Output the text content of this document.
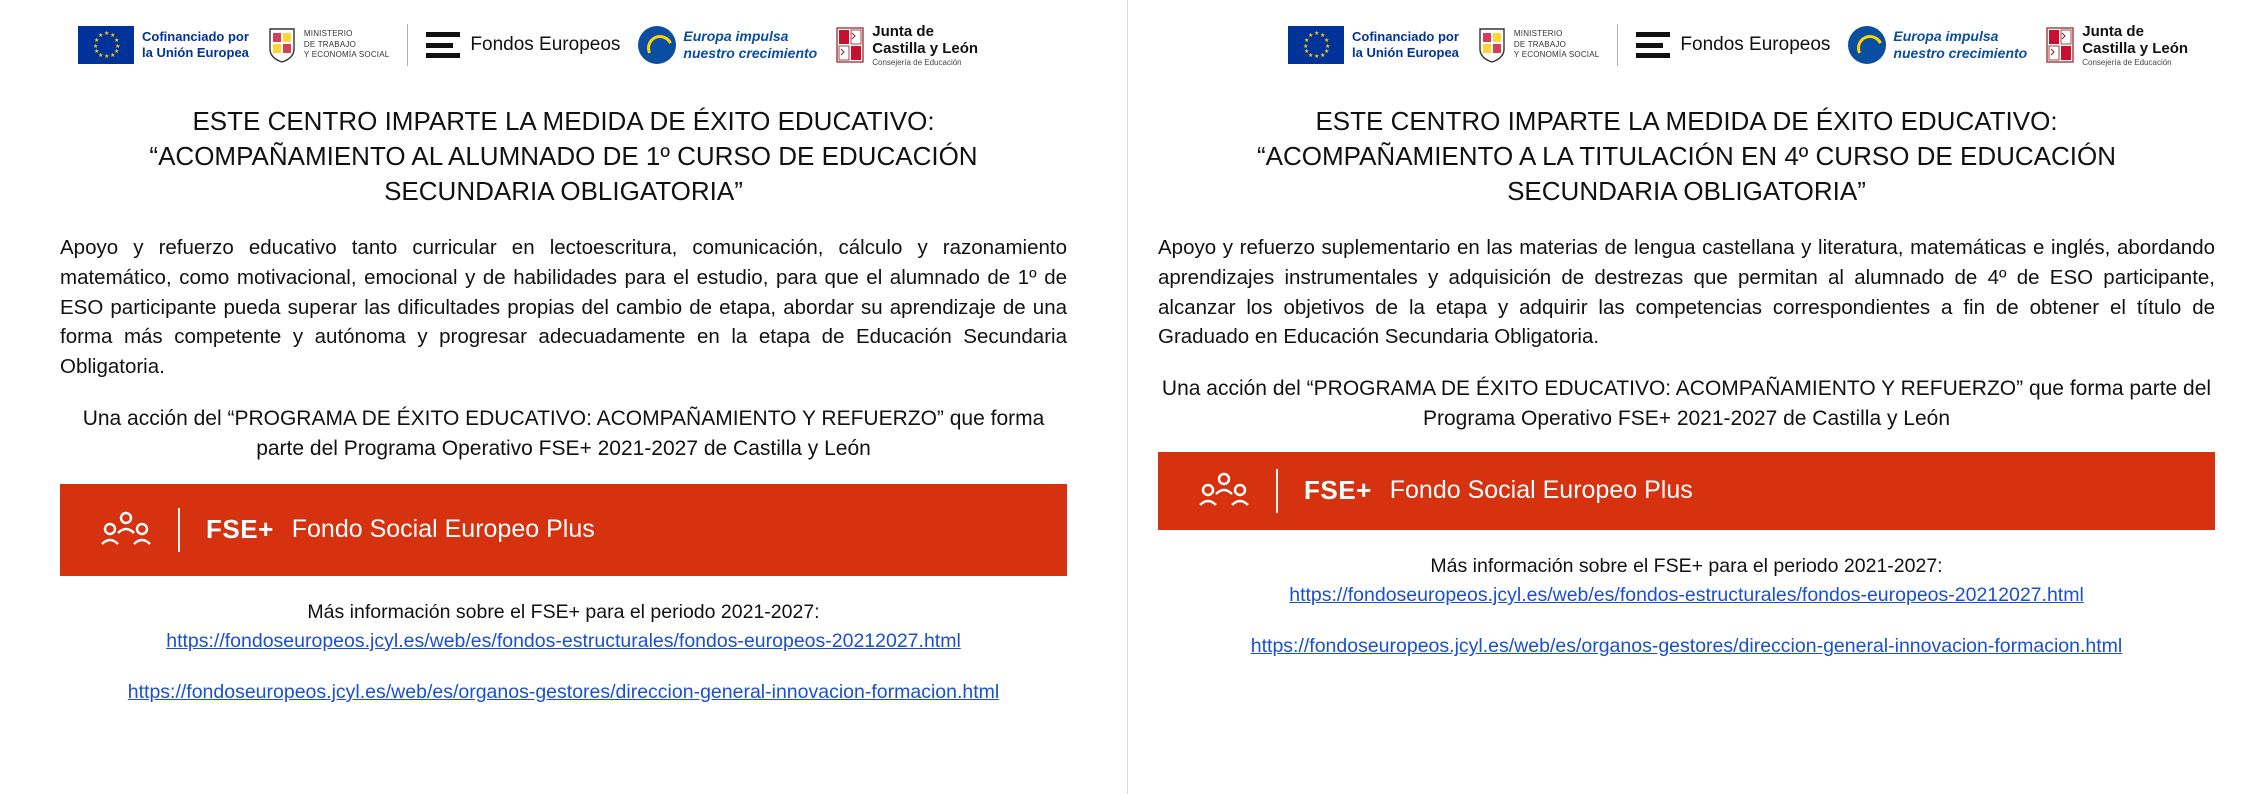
★ ★
★
★
★
★
★
★
★
★
★
★	Cofinanciado por
la Unión Europea
MINISTERIO
DE TRABAJO
Y ECONOMÍA SOCIAL	Fondos Europeos	Europa impulsa
nuestro crecimiento
Junta de
Castilla y León
Consejería de Educación
ESTE CENTRO IMPARTE LA MEDIDA DE ÉXITO EDUCATIVO:
“ACOMPAÑAMIENTO AL ALUMNADO DE 1º CURSO DE EDUCACIÓN
SECUNDARIA OBLIGATORIA”
Apoyo y refuerzo educativo tanto curricular en lectoescritura, comunicación, cálculo y razonamiento matemático, como motivacional, emocional y de habilidades para el estudio, para que el alumnado de 1º de ESO participante pueda superar las dificultades propias del cambio de etapa, abordar su aprendizaje de una forma más competente y autónoma y progresar adecuadamente en la etapa de Educación Secundaria Obligatoria.
Una acción del “PROGRAMA DE ÉXITO EDUCATIVO: ACOMPAÑAMIENTO Y REFUERZO” que forma parte del Programa Operativo FSE+ 2021-2027 de Castilla y León
FSE+ Fondo Social Europeo Plus
Más información sobre el FSE+ para el periodo 2021-2027:
https://fondoseuropeos.jcyl.es/web/es/fondos-estructurales/fondos-europeos-20212027.html
https://fondoseuropeos.jcyl.es/web/es/organos-gestores/direccion-general-innovacion-formacion.html
★ ★
★
★
★
★
★
★
★
★
★
★	Cofinanciado por
la Unión Europea
MINISTERIO
DE TRABAJO
Y ECONOMÍA SOCIAL	Fondos Europeos	Europa impulsa
nuestro crecimiento
Junta de
Castilla y León
Consejería de Educación
ESTE CENTRO IMPARTE LA MEDIDA DE ÉXITO EDUCATIVO:
“ACOMPAÑAMIENTO A LA TITULACIÓN EN 4º CURSO DE EDUCACIÓN
SECUNDARIA OBLIGATORIA”
Apoyo y refuerzo suplementario en las materias de lengua castellana y literatura, matemáticas e inglés, abordando aprendizajes instrumentales y adquisición de destrezas que permitan al alumnado de 4º de ESO participante, alcanzar los objetivos de la etapa y adquirir las competencias correspondientes a fin de obtener el título de Graduado en Educación Secundaria Obligatoria.
Una acción del “PROGRAMA DE ÉXITO EDUCATIVO: ACOMPAÑAMIENTO Y REFUERZO” que forma parte del Programa Operativo FSE+ 2021-2027 de Castilla y León
FSE+ Fondo Social Europeo Plus
Más información sobre el FSE+ para el periodo 2021-2027:
https://fondoseuropeos.jcyl.es/web/es/fondos-estructurales/fondos-europeos-20212027.html
https://fondoseuropeos.jcyl.es/web/es/organos-gestores/direccion-general-innovacion-formacion.html
